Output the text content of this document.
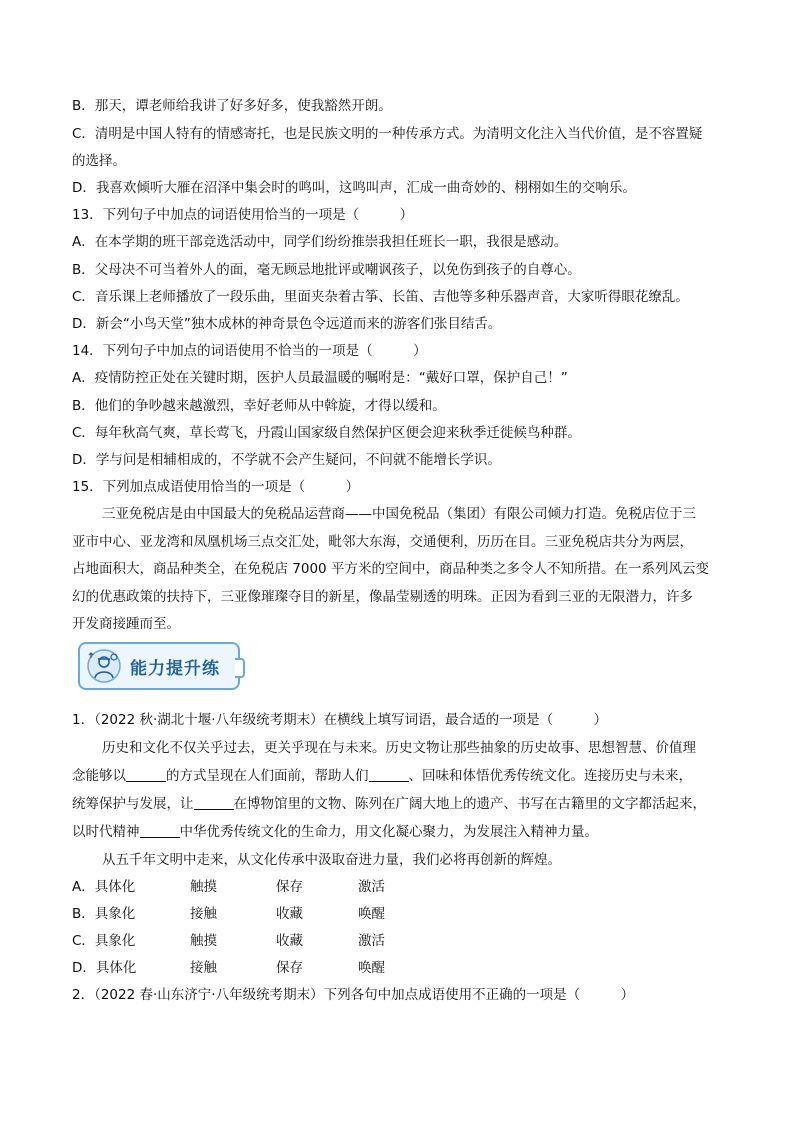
B．那天，谭老师给我讲了好多好多，使我豁然开朗。
C．清明是中国人特有的情感寄托，也是民族文明的一种传承方式。为清明文化注入当代价值，是不容置疑
的选择。
D．我喜欢倾听大雁在沼泽中集会时的鸣叫，这鸣叫声，汇成一曲奇妙的、栩栩如生的交响乐。
13．下列句子中加点的词语使用恰当的一项是（　　　）
A．在本学期的班干部竞选活动中，同学们纷纷推崇我担任班长一职，我很是感动。
B．父母决不可当着外人的面，毫无顾忌地批评或嘲讽孩子，以免伤到孩子的自尊心。
C．音乐课上老师播放了一段乐曲，里面夹杂着古筝、长笛、吉他等多种乐器声音，大家听得眼花缭乱。
D．新会“小鸟天堂”独木成林的神奇景色令远道而来的游客们张目结舌。
14．下列句子中加点的词语使用不恰当的一项是（　　　）
A．疫情防控正处在关键时期，医护人员最温暖的嘱咐是：“戴好口罩，保护自己！”
B．他们的争吵越来越激烈，幸好老师从中斡旋，才得以缓和。
C．每年秋高气爽，草长莺飞，丹霞山国家级自然保护区便会迎来秋季迁徙候鸟种群。
D．学与问是相辅相成的，不学就不会产生疑问，不问就不能增长学识。
15．下列加点成语使用恰当的一项是（　　　）
三亚免税店是由中国最大的免税品运营商——中国免税品（集团）有限公司倾力打造。免税店位于三
亚市中心、亚龙湾和凤凰机场三点交汇处，毗邻大东海，交通便利，历历在目。三亚免税店共分为两层，
占地面积大，商品种类全，在免税店 7000 平方米的空间中，商品种类之多令人不知所措。在一系列风云变
幻的优惠政策的扶持下，三亚像璀璨夺目的新星，像晶莹剔透的明珠。正因为看到三亚的无限潜力，许多
开发商接踵而至。
能力提升练
1．（2022 秋·湖北十堰·八年级统考期末）在横线上填写词语，最合适的一项是（　　　）
历史和文化不仅关乎过去，更关乎现在与未来。历史文物让那些抽象的历史故事、思想智慧、价值理
念能够以	的方式呈现在人们面前，帮助人们	、回味和体悟优秀传统文化。连接历史与未来，
统筹保护与发展，让	在博物馆里的文物、陈列在广阔大地上的遗产、书写在古籍里的文字都活起来，
以时代精神	中华优秀传统文化的生命力，用文化凝心聚力，为发展注入精神力量。
从五千年文明中走来，从文化传承中汲取奋进力量，我们必将再创新的辉煌。
A．具体化	触摸	保存	激活
B．具象化	接触	收藏	唤醒
C．具象化	触摸	收藏	激活
D．具体化	接触	保存	唤醒
2．（2022 春·山东济宁·八年级统考期末）下列各句中加点成语使用不正确的一项是（　　　）
